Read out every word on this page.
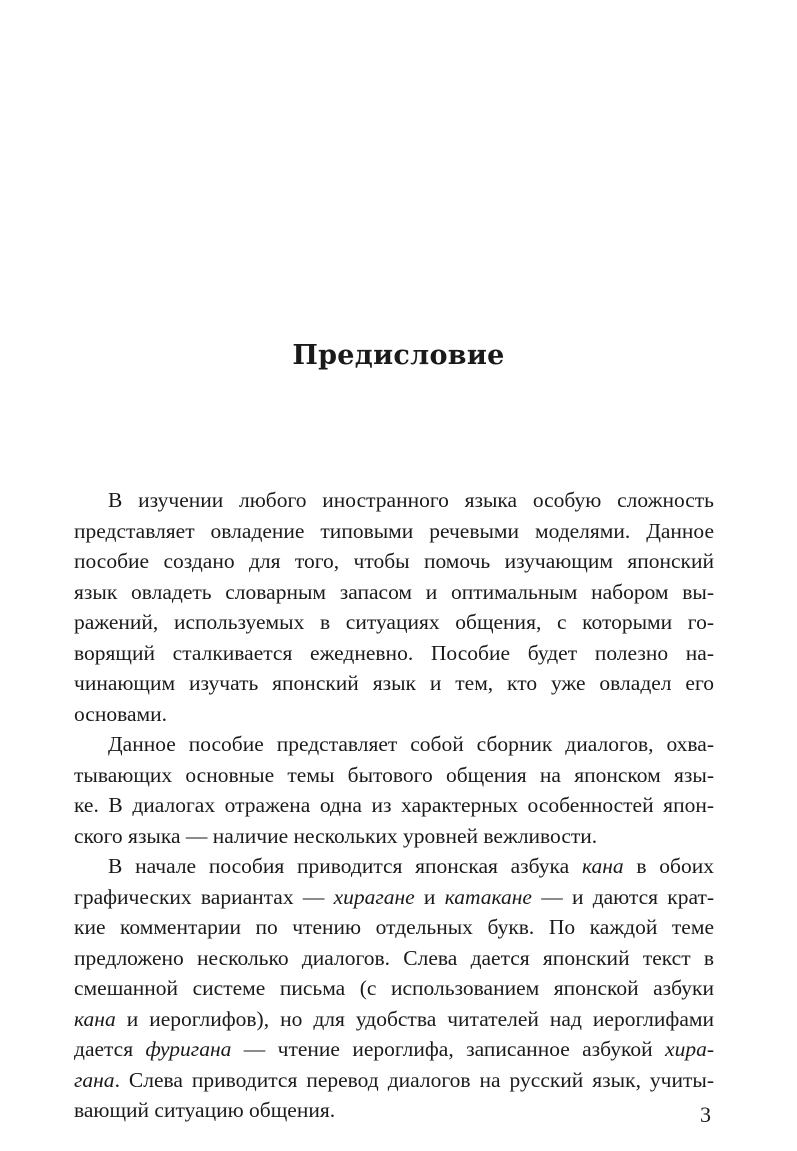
Предисловие

В изучении любого иностранного языка особую сложность
представляет овладение типовыми речевыми моделями. Данное
пособие создано для того, чтобы помочь изучающим японский
язык овладеть словарным запасом и оптимальным набором вы-
ражений, используемых в ситуациях общения, с которыми го-
ворящий сталкивается ежедневно. Пособие будет полезно на-
чинающим изучать японский язык и тем, кто уже овладел его
основами.

Данное пособие представляет собой сборник диалогов, охва-
тывающих основные темы бытового общения на японском язы-
ке. В диалогах отражена одна из характерных особенностей япон-
ского языка — наличие нескольких уровней вежливости.

В начале пособия приводится японская азбука кана в обоих
графических вариантах — хирагане и катакане — и даются крат-
кие комментарии по чтению отдельных букв. По каждой теме
предложено несколько диалогов. Слева дается японский текст в
смешанной системе письма (с использованием японской азбуки
кана и иероглифов), но для удобства читателей над иероглифами
дается фуригана — чтение иероглифа, записанное азбукой хира-
гана. Слева приводится перевод диалогов на русский язык, учиты-
вающий ситуацию общения.	3
